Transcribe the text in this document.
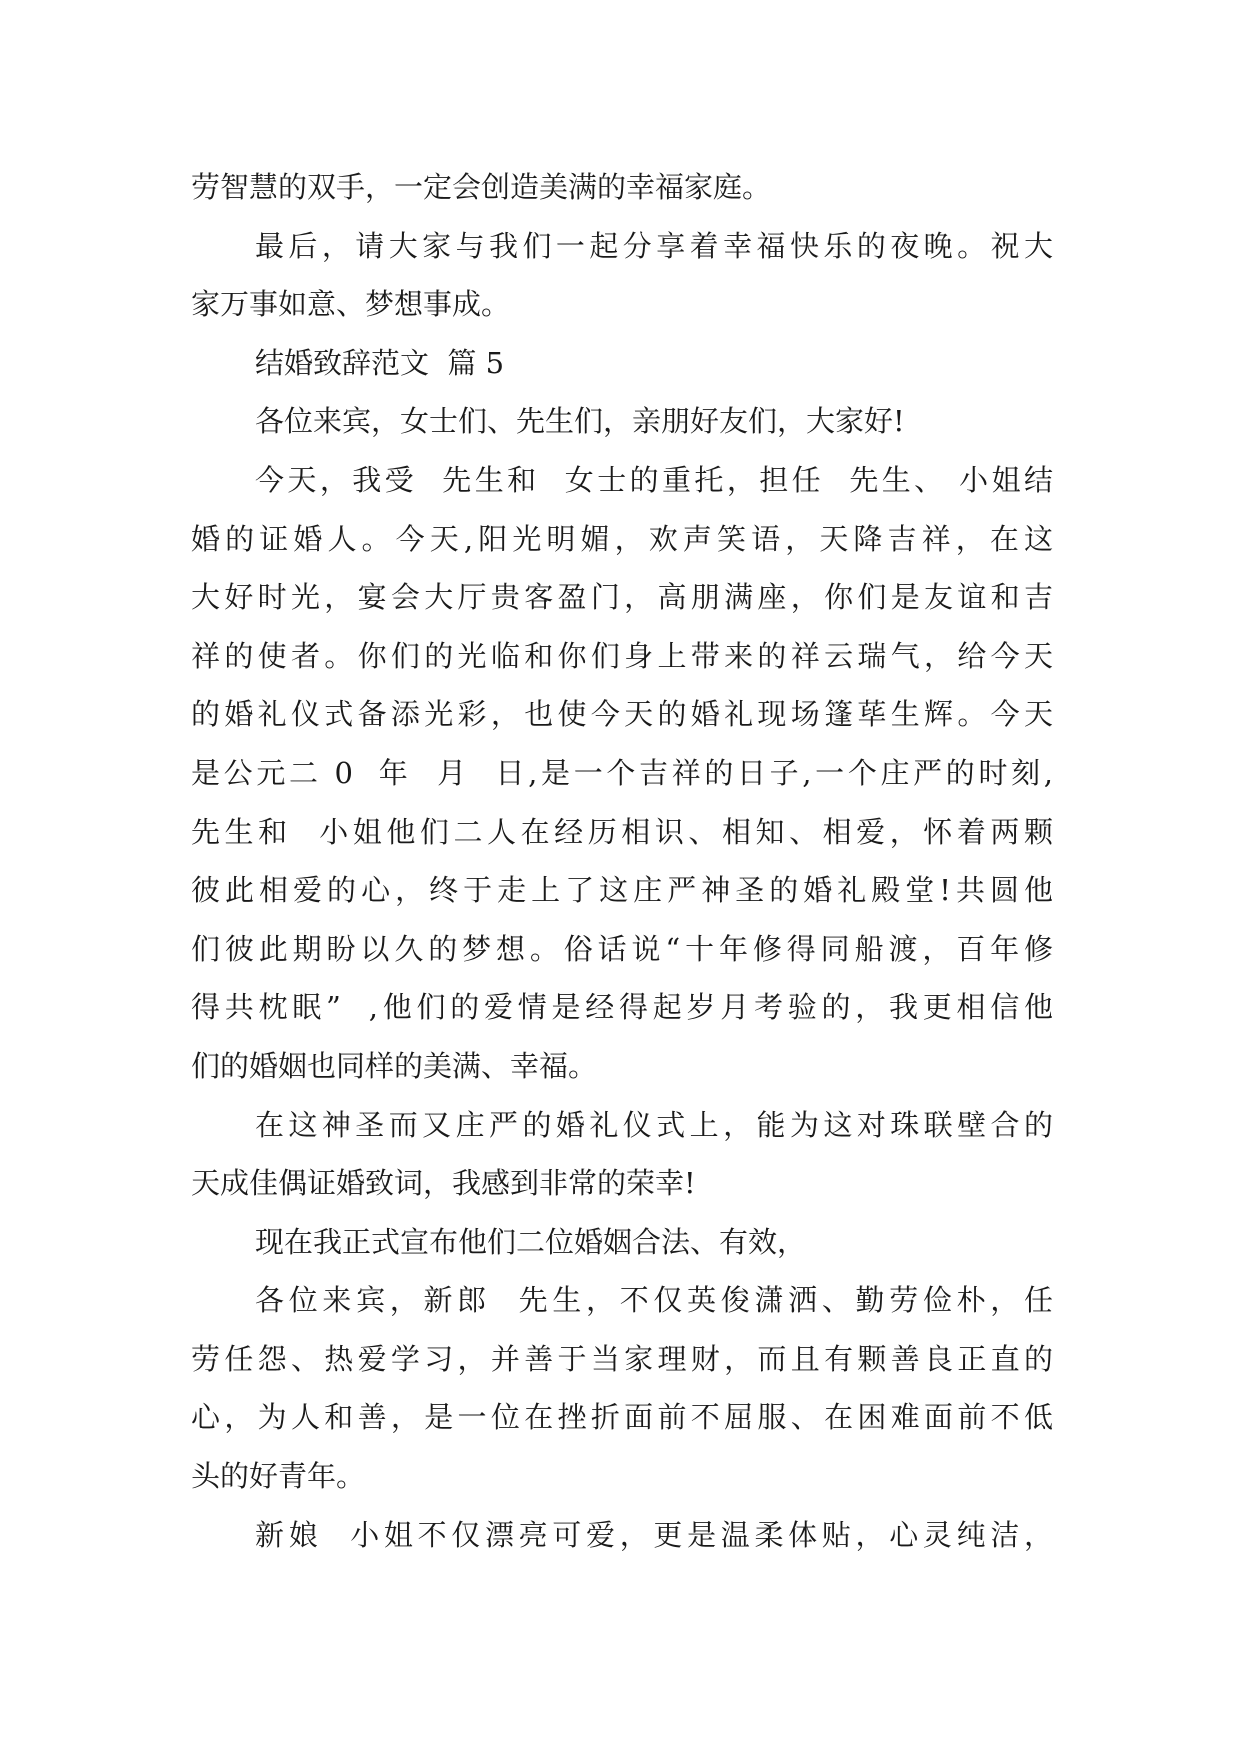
劳智慧的双手，一定会创造美满的幸福家庭。
最后，请大家与我们一起分享着幸福快乐的夜晚。祝大
家万事如意、梦想事成。
结婚致辞范文  篇 5
各位来宾，女士们、先生们，亲朋好友们，大家好!
今天，我受  先生和  女士的重托，担任  先生、 小姐结
婚的证婚人。今天,阳光明媚，欢声笑语，天降吉祥，在这
大好时光，宴会大厅贵客盈门，高朋满座，你们是友谊和吉
祥的使者。你们的光临和你们身上带来的祥云瑞气，给今天
的婚礼仪式备添光彩，也使今天的婚礼现场篷荜生辉。今天
是公元二 0  年  月  日,是一个吉祥的日子,一个庄严的时刻,
先生和  小姐他们二人在经历相识、相知、相爱，怀着两颗
彼此相爱的心，终于走上了这庄严神圣的婚礼殿堂!共圆他
们彼此期盼以久的梦想。俗话说“十年修得同船渡，百年修
得共枕眠”  ,他们的爱情是经得起岁月考验的，我更相信他
们的婚姻也同样的美满、幸福。
在这神圣而又庄严的婚礼仪式上，能为这对珠联壁合的
天成佳偶证婚致词，我感到非常的荣幸!
现在我正式宣布他们二位婚姻合法、有效，
各位来宾，新郎  先生，不仅英俊潇洒、勤劳俭朴，任
劳任怨、热爱学习，并善于当家理财，而且有颗善良正直的
心，为人和善，是一位在挫折面前不屈服、在困难面前不低
头的好青年。
新娘  小姐不仅漂亮可爱，更是温柔体贴，心灵纯洁，
